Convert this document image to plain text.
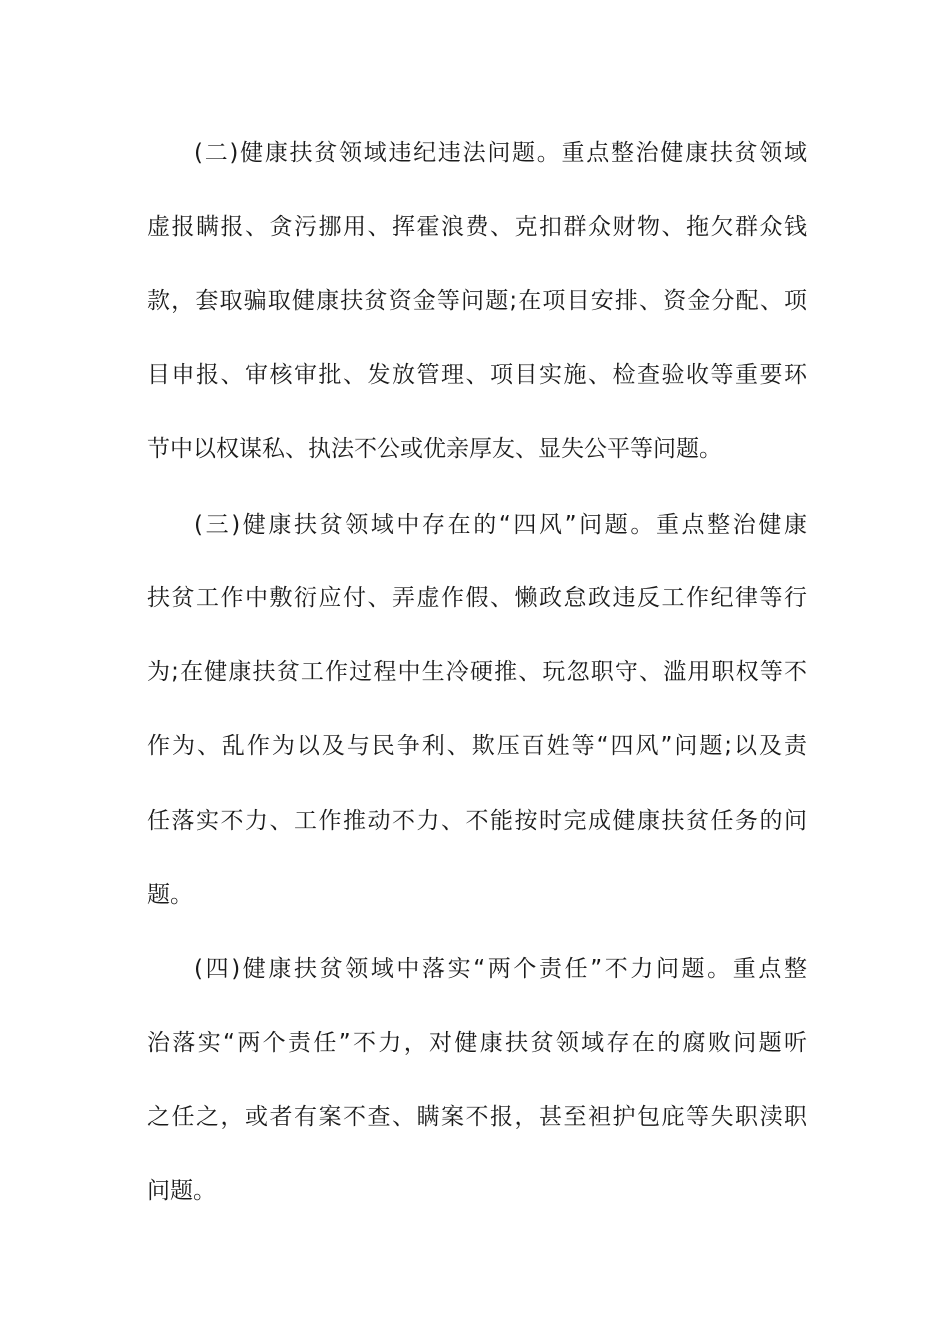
(二)健康扶贫领域违纪违法问题。重点整治健康扶贫领域
虚报瞒报、贪污挪用、挥霍浪费、克扣群众财物、拖欠群众钱
款，套取骗取健康扶贫资金等问题;在项目安排、资金分配、项
目申报、审核审批、发放管理、项目实施、检查验收等重要环
节中以权谋私、执法不公或优亲厚友、显失公平等问题。
(三)健康扶贫领域中存在的“四风”问题。重点整治健康
扶贫工作中敷衍应付、弄虚作假、懒政怠政违反工作纪律等行
为;在健康扶贫工作过程中生冷硬推、玩忽职守、滥用职权等不
作为、乱作为以及与民争利、欺压百姓等“四风”问题;以及责
任落实不力、工作推动不力、不能按时完成健康扶贫任务的问
题。
(四)健康扶贫领域中落实“两个责任”不力问题。重点整
治落实“两个责任”不力，对健康扶贫领域存在的腐败问题听
之任之，或者有案不查、瞒案不报，甚至袒护包庇等失职渎职
问题。
